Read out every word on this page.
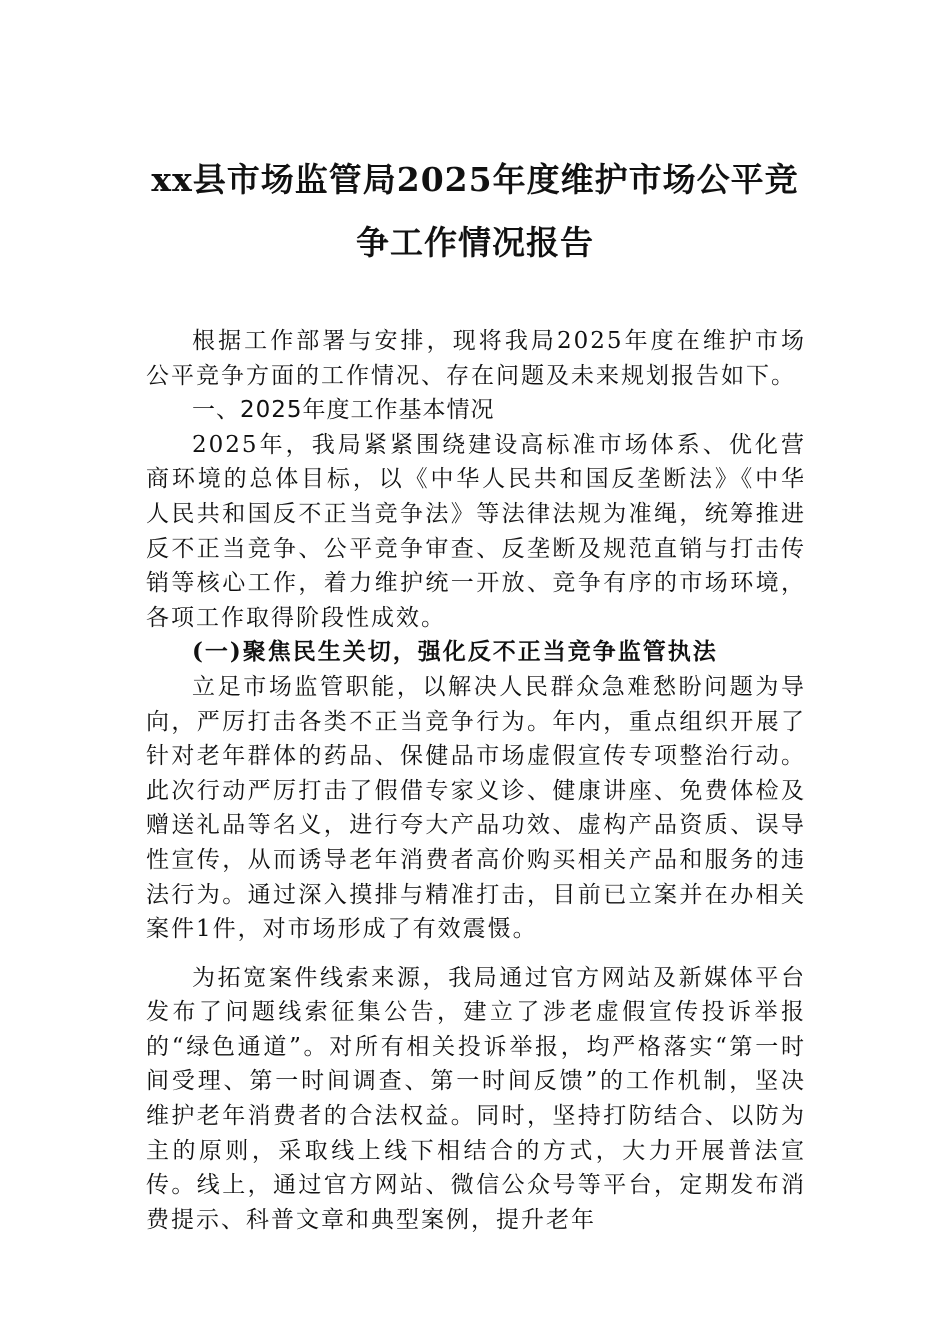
xx县市场监管局2025年度维护市场公平竞
争工作情况报告

根据工作部署与安排，现将我局2025年度在维护市场公平竞争方面的工作情况、存在问题及未来规划报告如下。

一、2025年度工作基本情况

2025年，我局紧紧围绕建设高标准市场体系、优化营商环境的总体目标，以《中华人民共和国反垄断法》《中华人民共和国反不正当竞争法》等法律法规为准绳，统筹推进反不正当竞争、公平竞争审查、反垄断及规范直销与打击传销等核心工作，着力维护统一开放、竞争有序的市场环境，各项工作取得阶段性成效。

(一)聚焦民生关切，强化反不正当竞争监管执法

立足市场监管职能，以解决人民群众急难愁盼问题为导向，严厉打击各类不正当竞争行为。年内，重点组织开展了针对老年群体的药品、保健品市场虚假宣传专项整治行动。此次行动严厉打击了假借专家义诊、健康讲座、免费体检及赠送礼品等名义，进行夸大产品功效、虚构产品资质、误导性宣传，从而诱导老年消费者高价购买相关产品和服务的违法行为。通过深入摸排与精准打击，目前已立案并在办相关案件1件，对市场形成了有效震慑。

为拓宽案件线索来源，我局通过官方网站及新媒体平台发布了问题线索征集公告，建立了涉老虚假宣传投诉举报的“绿色通道”。对所有相关投诉举报，均严格落实“第一时间受理、第一时间调查、第一时间反馈”的工作机制，坚决维护老年消费者的合法权益。同时，坚持打防结合、以防为主的原则，采取线上线下相结合的方式，大力开展普法宣传。线上，通过官方网站、微信公众号等平台，定期发布消费提示、科普文章和典型案例，提升老年
